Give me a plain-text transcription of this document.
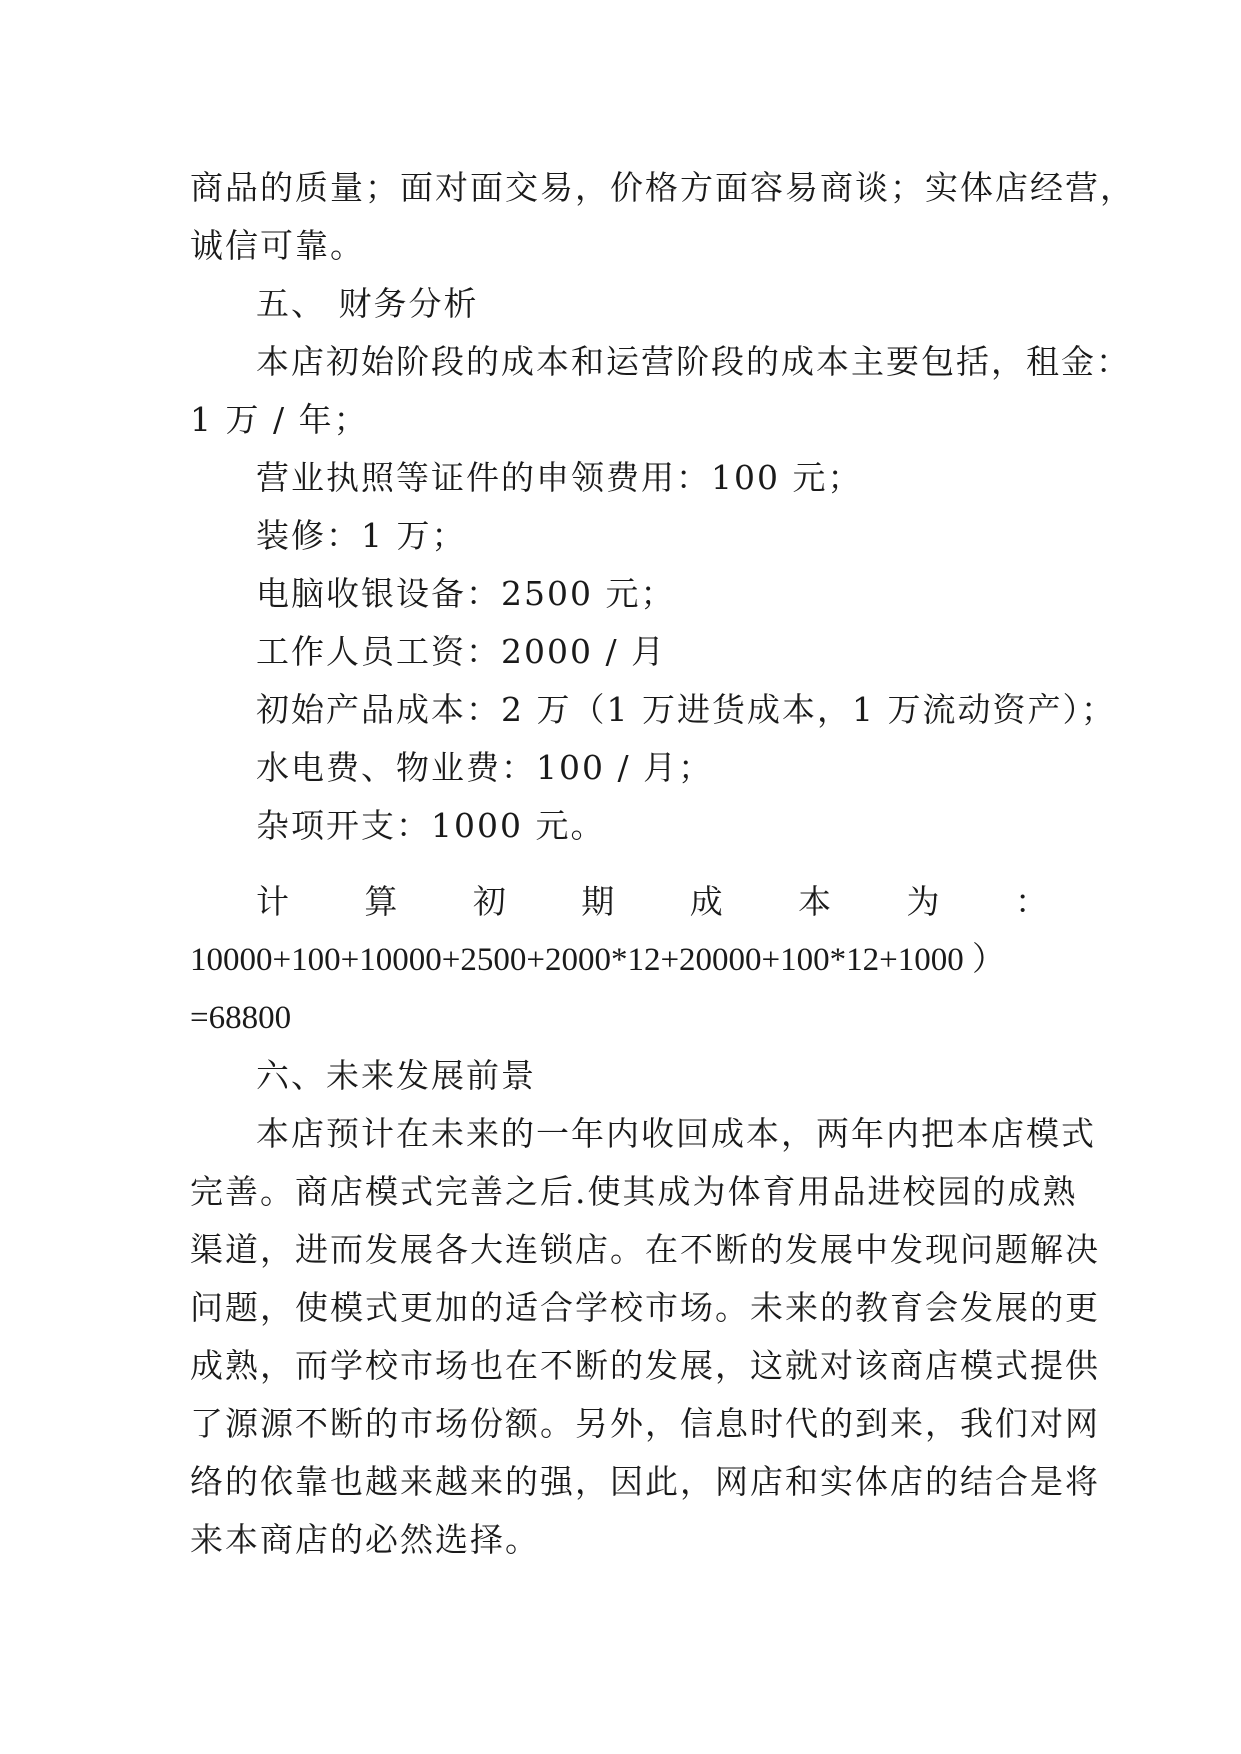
商品的质量；面对面交易，价格方面容易商谈；实体店经营，
诚信可靠。
五、 财务分析
本店初始阶段的成本和运营阶段的成本主要包括，租金：
1 万 / 年；
营业执照等证件的申领费用：100 元；
装修：1 万；
电脑收银设备：2500 元；
工作人员工资：2000 / 月
初始产品成本：2 万（1 万进货成本，1 万流动资产）；
水电费、物业费：100 / 月；
杂项开支：1000 元。
计 算 初 期 成 本 为 ：
10000+100+10000+2500+2000*12+20000+100*12+1000 ）
=68800
六、未来发展前景
本店预计在未来的一年内收回成本，两年内把本店模式
完善。商店模式完善之后.使其成为体育用品进校园的成熟
渠道，进而发展各大连锁店。在不断的发展中发现问题解决
问题，使模式更加的适合学校市场。未来的教育会发展的更
成熟，而学校市场也在不断的发展，这就对该商店模式提供
了源源不断的市场份额。另外，信息时代的到来，我们对网
络的依靠也越来越来的强，因此，网店和实体店的结合是将
来本商店的必然选择。
